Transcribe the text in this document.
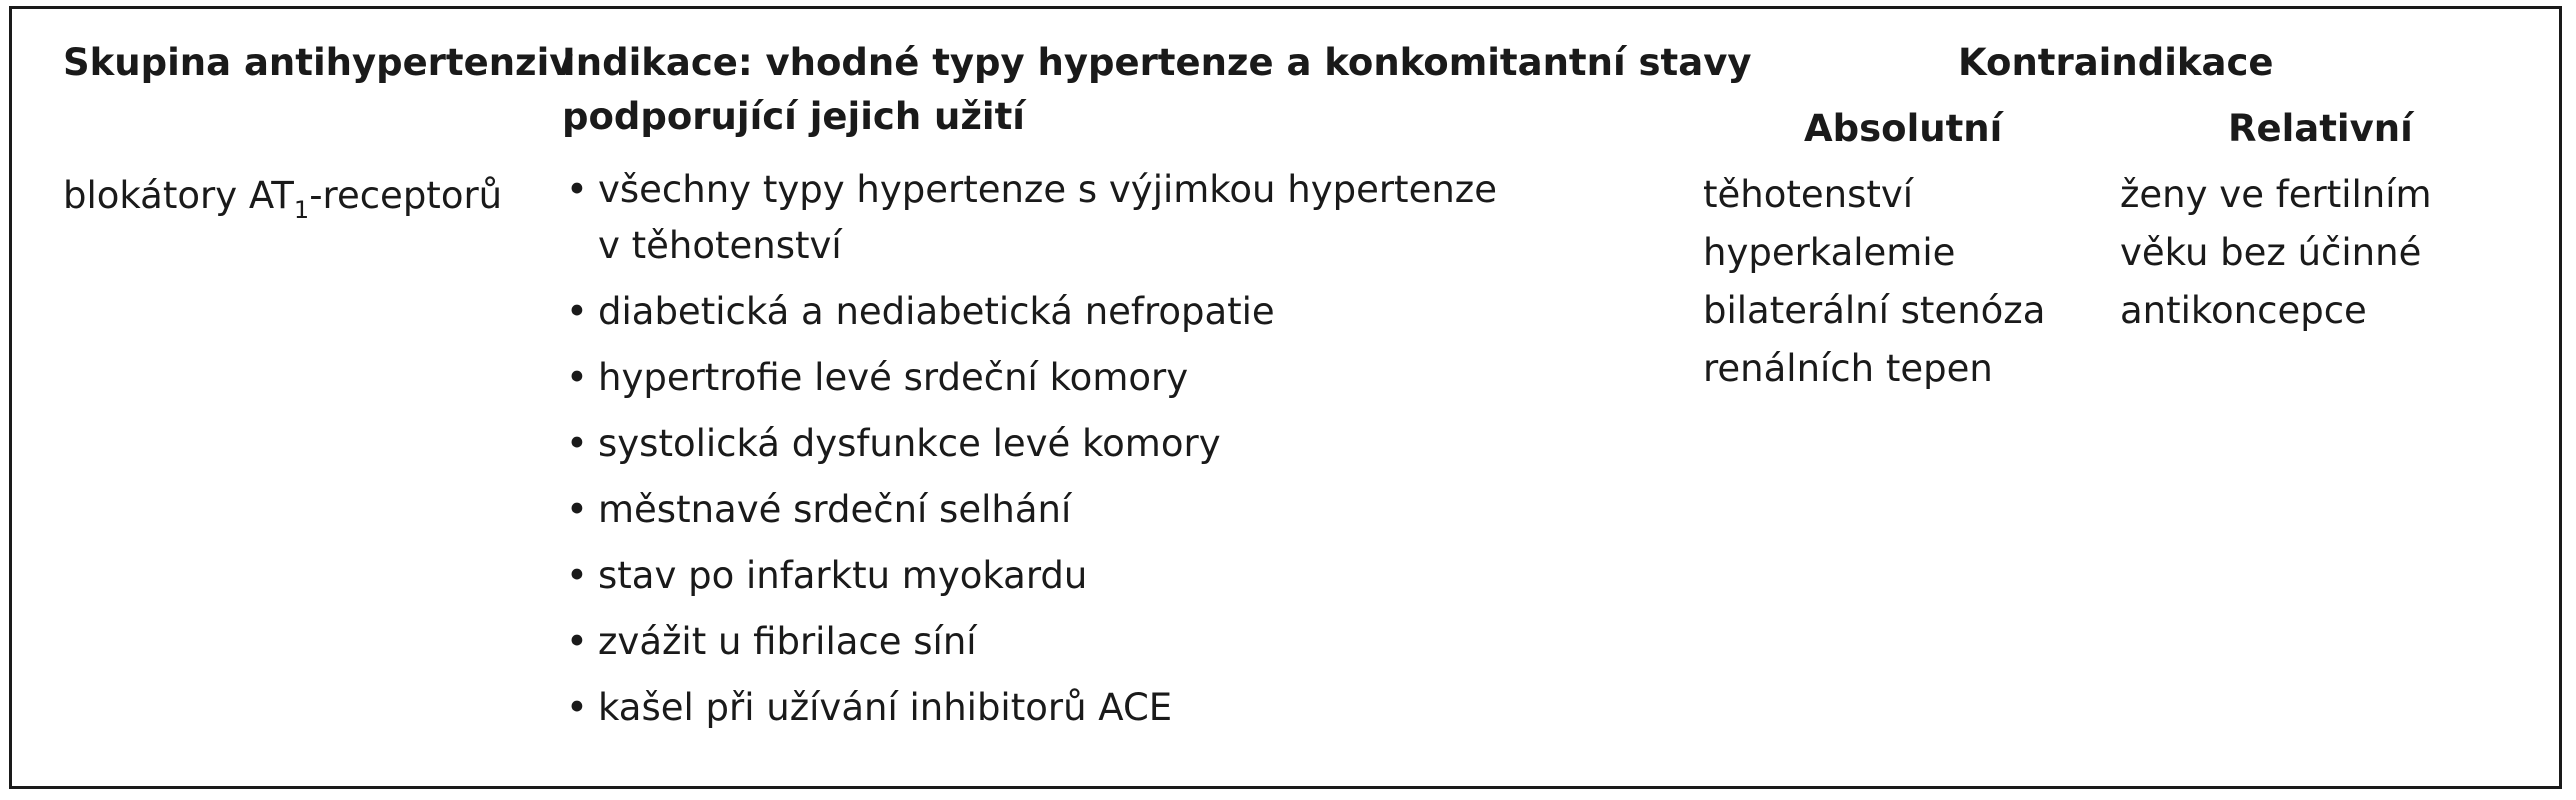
Skupina antihypertenziv
Indikace: vhodné typy hypertenze a konkomitantní stavy
podporující jejich užití
Kontraindikace
Absolutní	Relativní
blokátory $AT_1$-receptorů • všechny typy hypertenze s výjimkou hypertenze
v těhotenství
• diabetická a nediabetická nefropatie
• hypertrofie levé srdeční komory
• systolická dysfunkce levé komory
• městnavé srdeční selhání
• stav po infarktu myokardu
• zvážit u fibrilace síní
• kašel při užívání inhibitorů ACE
těhotenství
hyperkalemie
bilaterální stenóza
renálních tepen
ženy ve fertilním
věku bez účinné
antikoncepce
